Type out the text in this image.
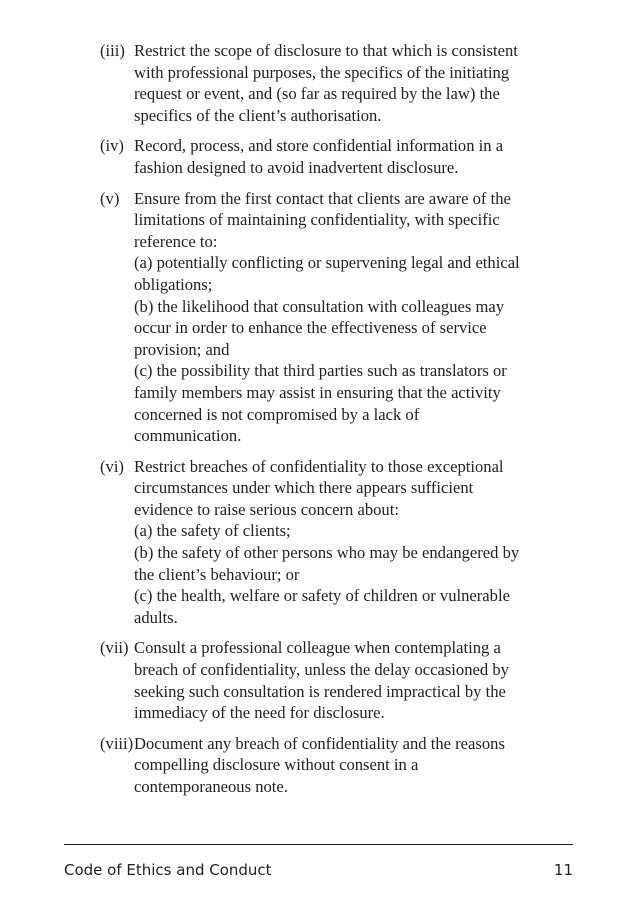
(iii) Restrict the scope of disclosure to that which is consistent
with professional purposes, the specifics of the initiating
request or event, and (so far as required by the law) the
specifics of the client’s authorisation.
(iv) Record, process, and store confidential information in a
fashion designed to avoid inadvertent disclosure.
(v) Ensure from the first contact that clients are aware of the
limitations of maintaining confidentiality, with specific
reference to:
(a) potentially conflicting or supervening legal and ethical
obligations;
(b) the likelihood that consultation with colleagues may
occur in order to enhance the effectiveness of service
provision; and
(c) the possibility that third parties such as translators or
family members may assist in ensuring that the activity
concerned is not compromised by a lack of
communication.
(vi) Restrict breaches of confidentiality to those exceptional
circumstances under which there appears sufficient
evidence to raise serious concern about:
(a) the safety of clients;
(b) the safety of other persons who may be endangered by
the client’s behaviour; or
(c) the health, welfare or safety of children or vulnerable
adults.
(vii) Consult a professional colleague when contemplating a
breach of confidentiality, unless the delay occasioned by
seeking such consultation is rendered impractical by the
immediacy of the need for disclosure.
(viii) Document any breach of confidentiality and the reasons
compelling disclosure without consent in a
contemporaneous note.
Code of Ethics and Conduct	11
